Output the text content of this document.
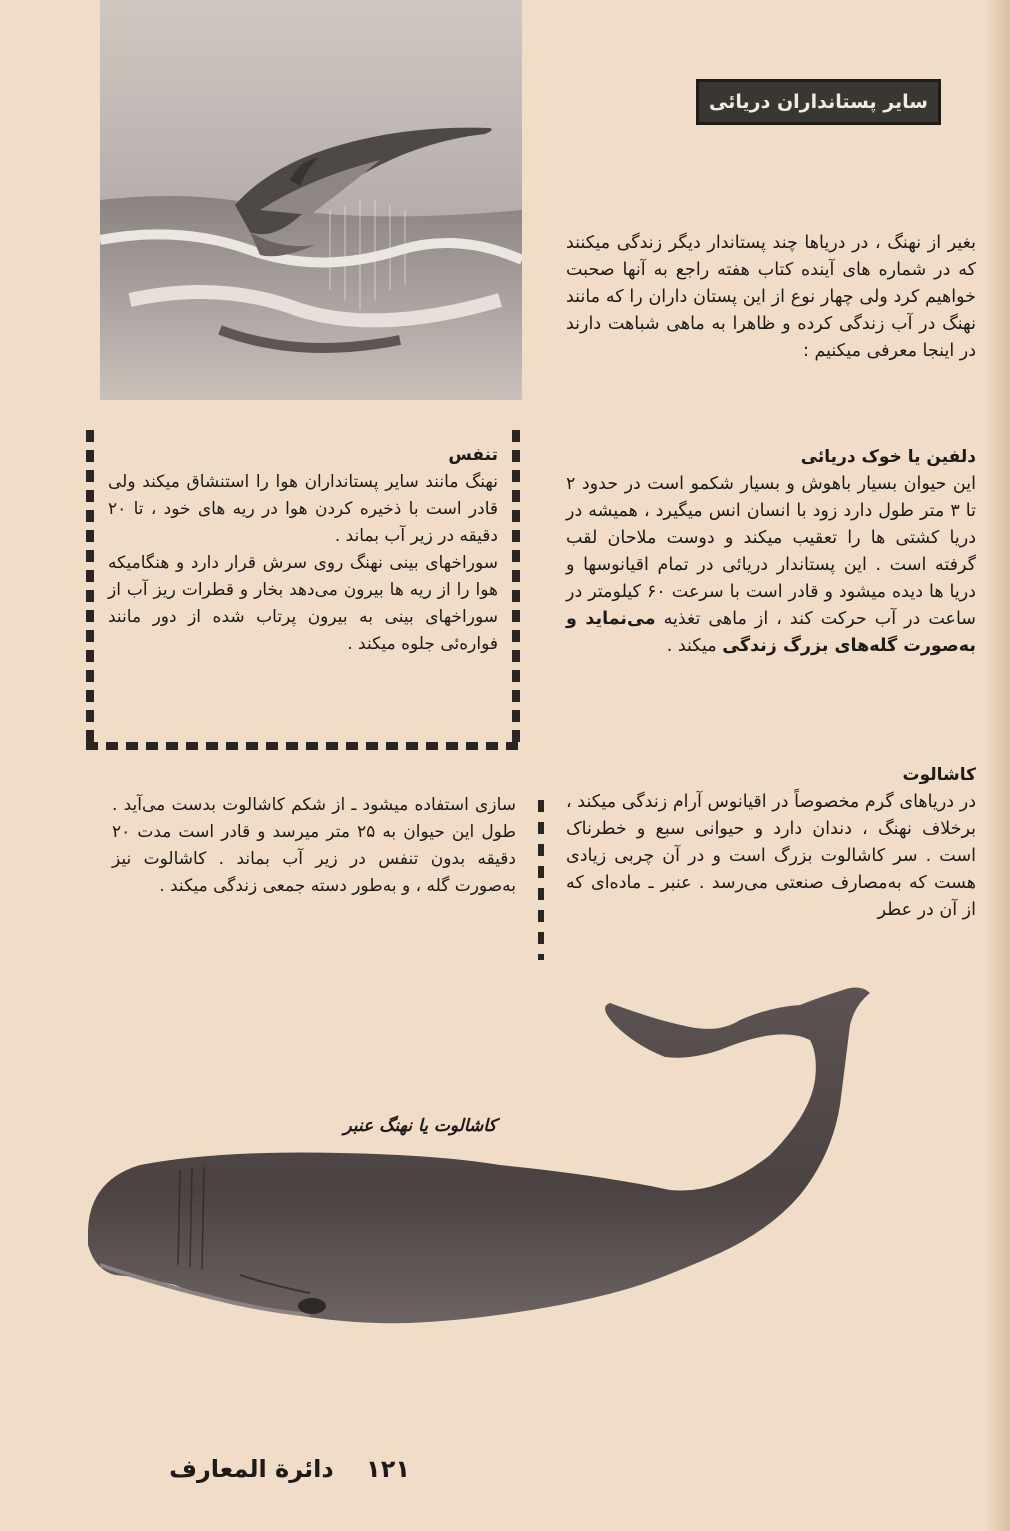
سایر پستانداران دریائی

بغیر از نهنگ ، در دریاها چند پستاندار دیگر زندگی میکنند که در شماره های آینده کتاب هفته راجع به آنها صحبت خواهیم کرد ولی چهار نوع از این پستان داران را که مانند نهنگ در آب زندگی کرده و ظاهرا به ماهی شباهت دارند در اینجا معرفی میکنیم :

دلفین یا خوک دریائی

این حیوان بسیار باهوش و بسیار شکمو است در حدود ۲ تا ۳ متر طول دارد زود با انسان انس میگیرد ، همیشه در دریا کشتی ها را تعقیب میکند و دوست ملاحان لقب گرفته است . این پستاندار دریائی در تمام اقیانوسها و دریا ها دیده میشود و قادر است با سرعت ۶۰ کیلومتر در ساعت در آب حرکت کند ، از ماهی تغذیه می‌نماید و به‌صورت گله‌های بزرگ زندگی میکند .

کاشالوت

در دریاهای گرم مخصوصاً در اقیانوس آرام زندگی میکند ، برخلاف نهنگ ، دندان دارد و حیوانی سبع و خطرناک است . سر کاشالوت بزرگ است و در آن چربی زیادی هست که به‌مصارف صنعتی می‌رسد . عنبر ـ ماده‌ای که از آن در عطر

تنفس

نهنگ مانند سایر پستانداران هوا را استنشاق میکند ولی قادر است با ذخیره کردن هوا در ریه های خود ، تا ۲۰ دقیقه در زیر آب بماند .

سوراخهای بینی نهنگ روی سرش قرار دارد و هنگامیکه هوا را از ریه ها بیرون می‌دهد بخار و قطرات ریز آب از سوراخهای بینی به بیرون پرتاب شده از دور مانند فواره‌ئی جلوه میکند .

سازی استفاده میشود ـ از شکم کاشالوت بدست می‌آید . طول این حیوان به ۲۵ متر میرسد و قادر است مدت ۲۰ دقیقه بدون تنفس در زیر آب بماند . کاشالوت نیز به‌صورت گله ، و به‌طور دسته جمعی زندگی میکند .

کاشالوت یا نهنگ عنبر
۱۲۱ دائرة المعارف
